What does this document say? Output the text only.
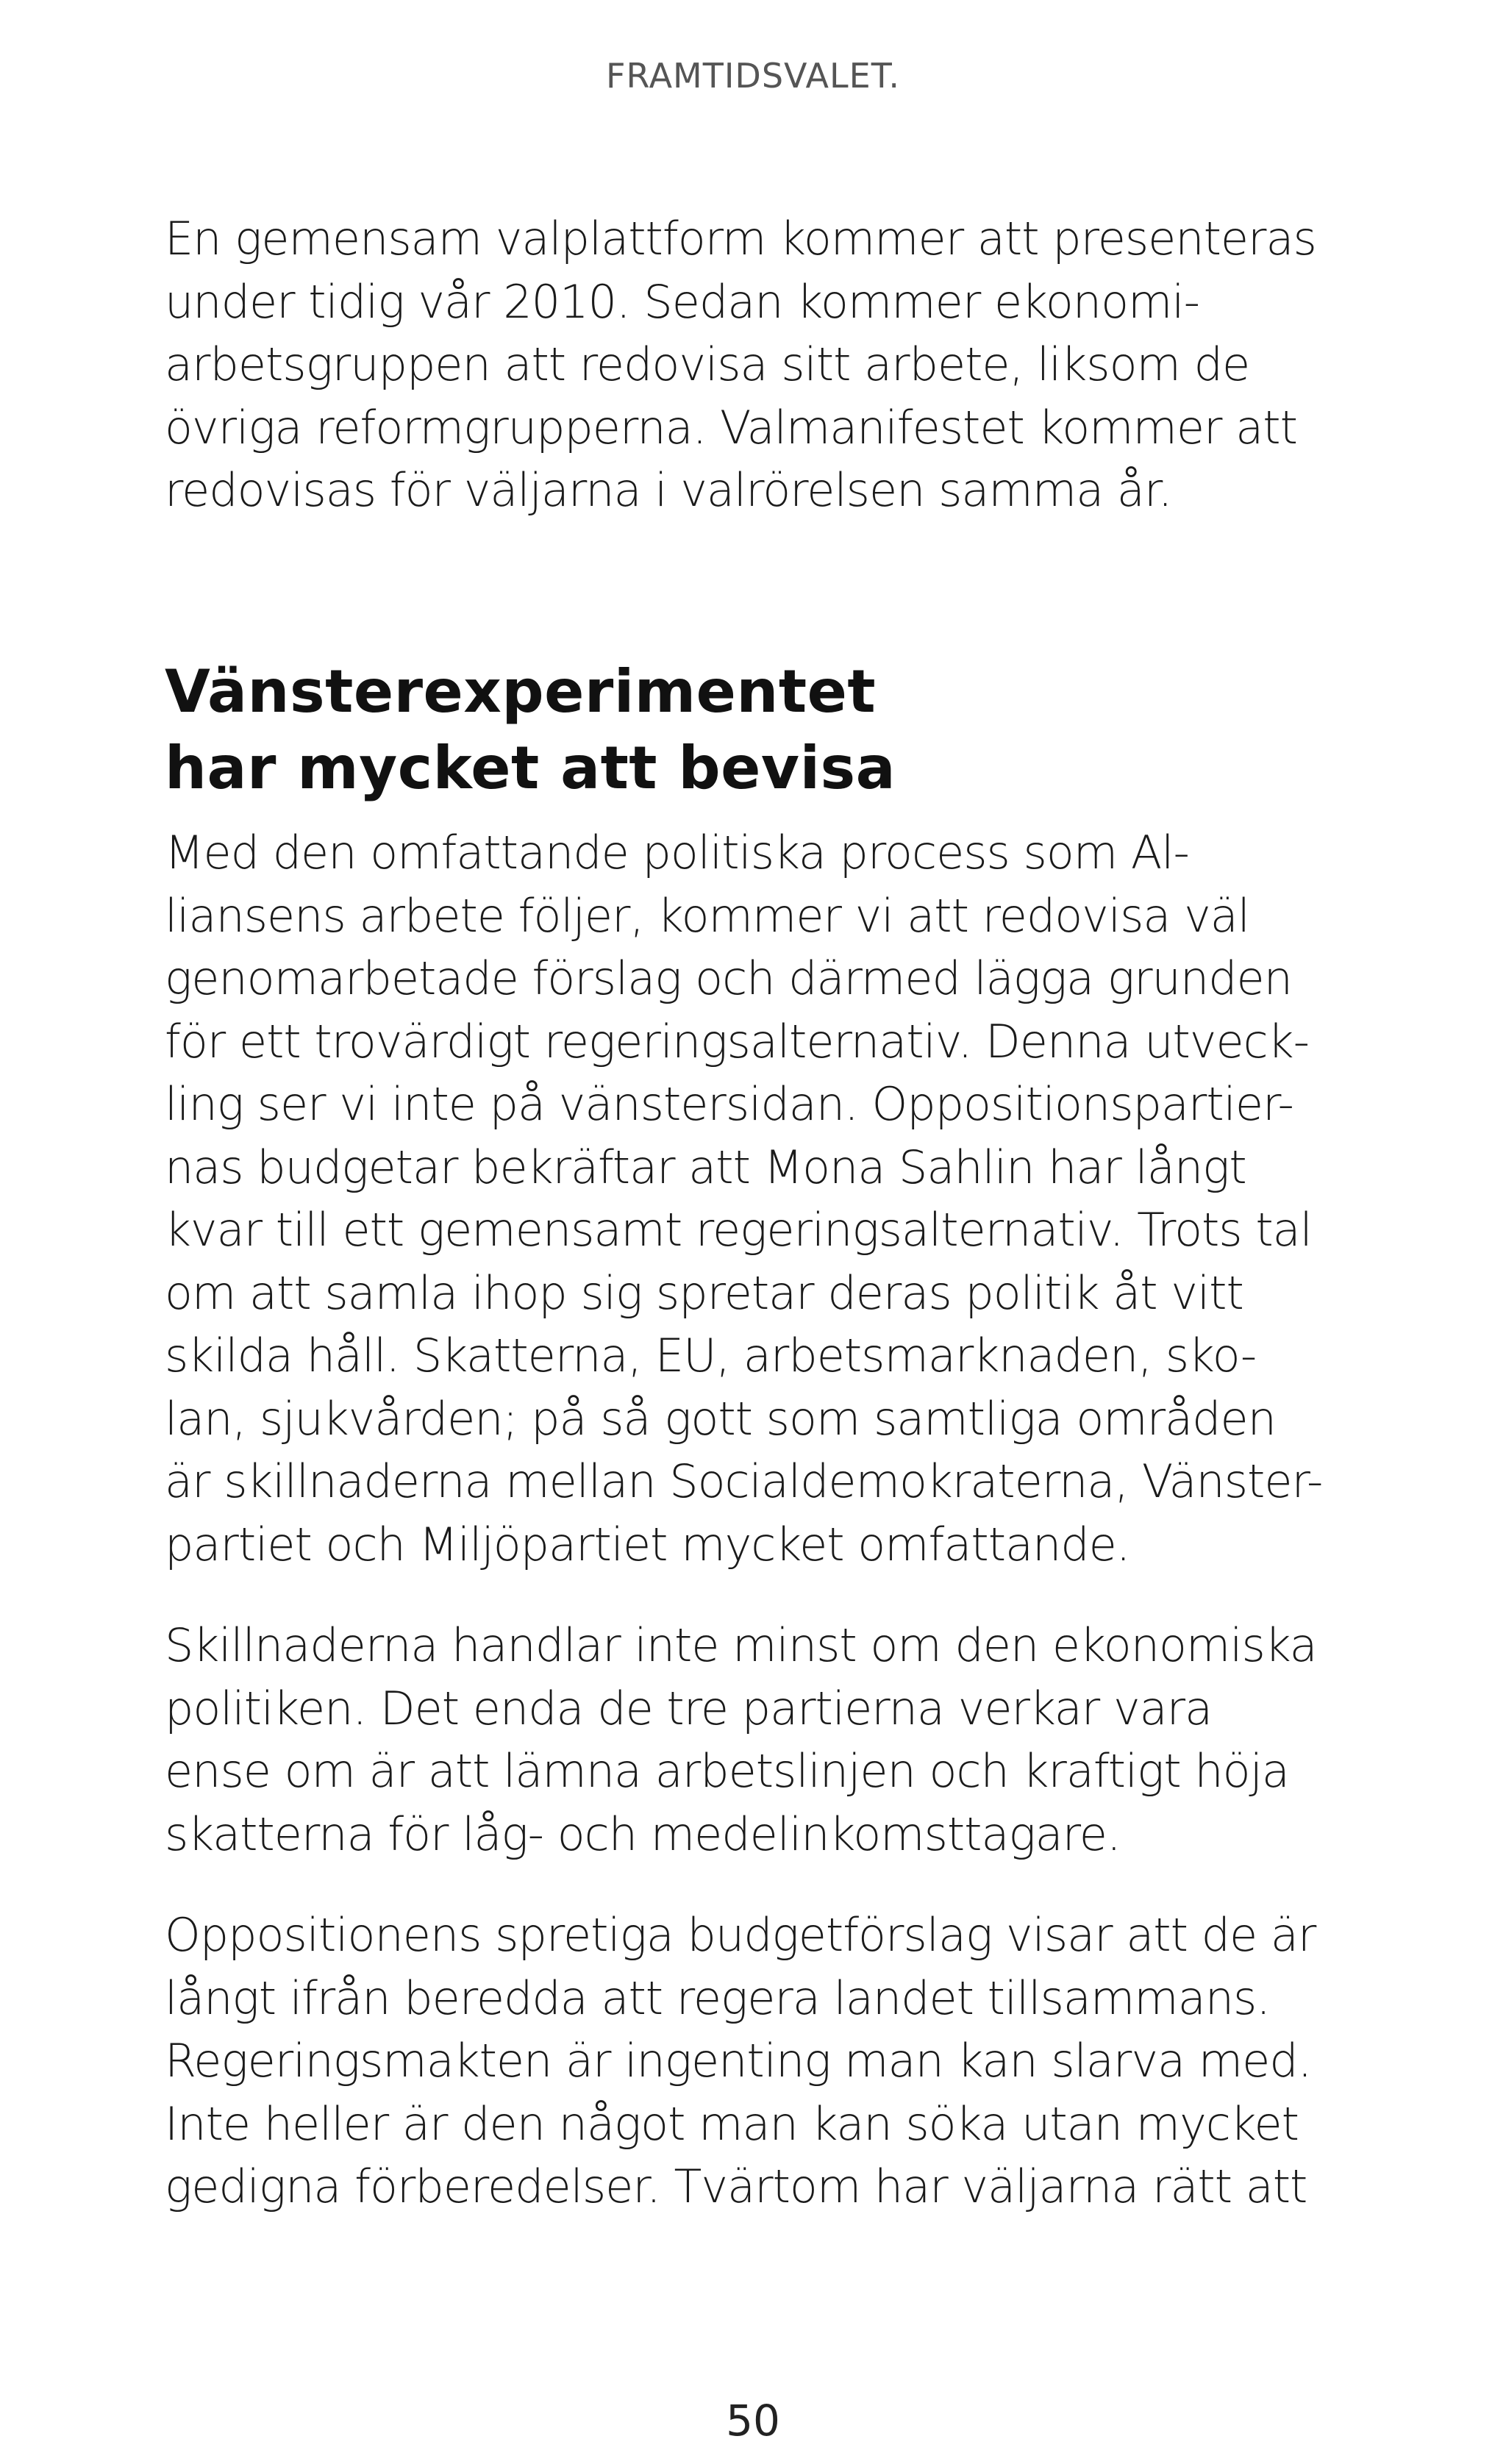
FRAMTIDSVALET.
En gemensam valplattform kommer att presenteras
under tidig vår 2010. Sedan kommer ekonomi-
arbetsgruppen att redovisa sitt arbete, liksom de
övriga reformgrupperna. Valmanifestet kommer att
redovisas för väljarna i valrörelsen samma år.
Vänsterexperimentet
har mycket att bevisa
Med den omfattande politiska process som Al-
liansens arbete följer, kommer vi att redovisa väl
genomarbetade förslag och därmed lägga grunden
för ett trovärdigt regeringsalternativ. Denna utveck-
ling ser vi inte på vänstersidan. Oppositionspartier-
nas budgetar bekräftar att Mona Sahlin har långt
kvar till ett gemensamt regeringsalternativ. Trots tal
om att samla ihop sig spretar deras politik åt vitt
skilda håll. Skatterna, EU, arbetsmarknaden, sko-
lan, sjukvården; på så gott som samtliga områden
är skillnaderna mellan Socialdemokraterna, Vänster-
partiet och Miljöpartiet mycket omfattande.
Skillnaderna handlar inte minst om den ekonomiska
politiken. Det enda de tre partierna verkar vara
ense om är att lämna arbetslinjen och kraftigt höja
skatterna för låg- och medelinkomsttagare.
Oppositionens spretiga budgetförslag visar att de är
långt ifrån beredda att regera landet tillsammans.
Regeringsmakten är ingenting man kan slarva med.
Inte heller är den något man kan söka utan mycket
gedigna förberedelser. Tvärtom har väljarna rätt att
50
